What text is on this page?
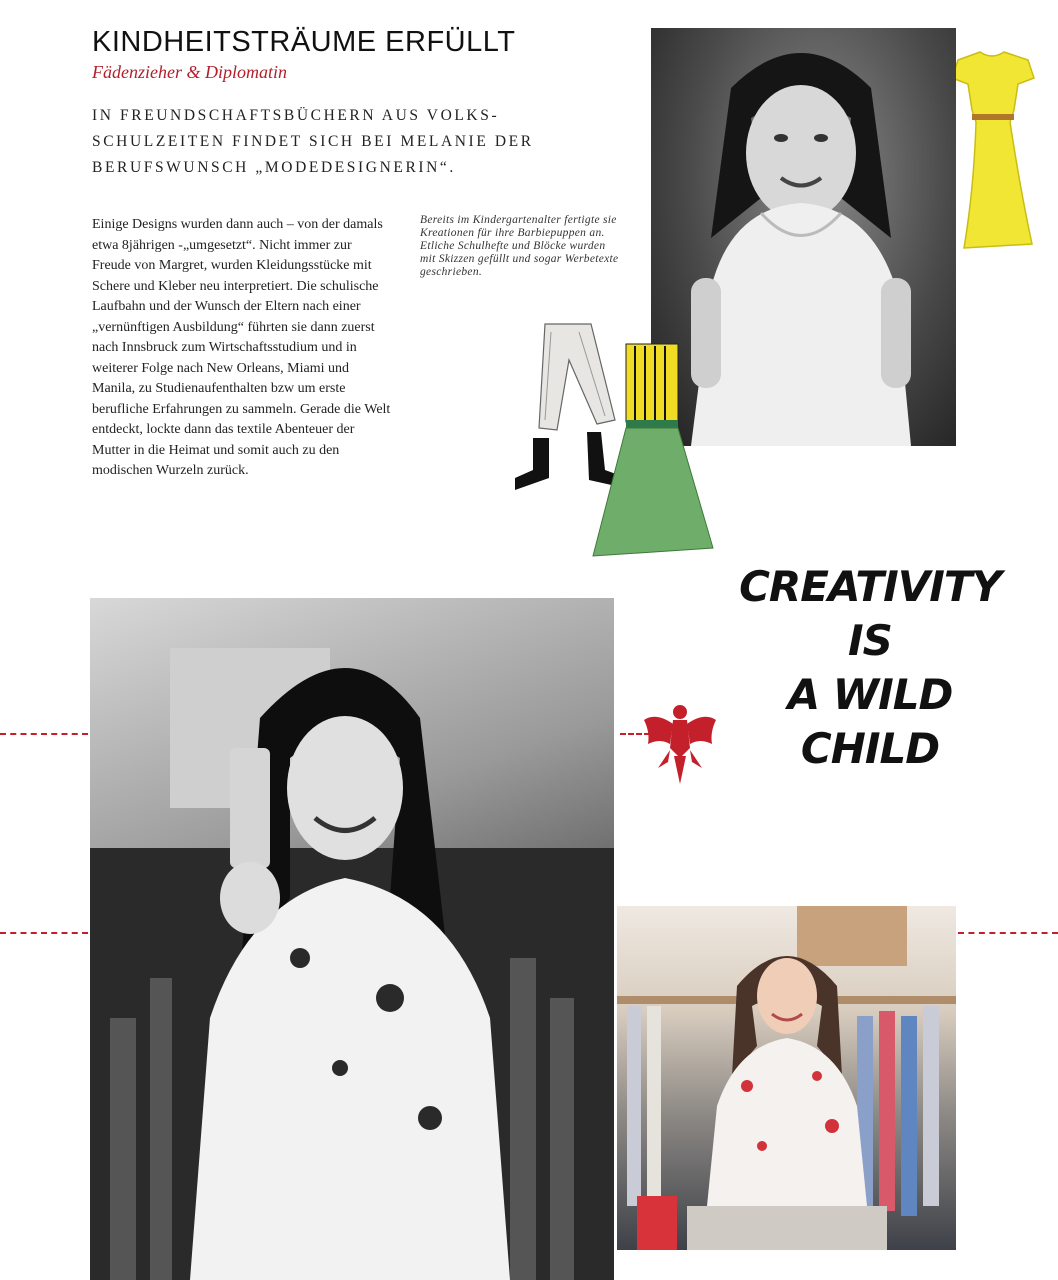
KINDHEITSTRÄUME ERFÜLLT
Fädenzieher & Diplomatin
IN FREUNDSCHAFTSBÜCHERN AUS VOLKS-SCHULZEITEN FINDET SICH BEI MELANIE DER BERUFSWUNSCH „MODEDESIGNERIN“.
Einige Designs wurden dann auch – von der damals etwa 8jährigen -„umgesetzt“. Nicht immer zur Freude von Margret, wurden Kleidungsstücke mit Schere und Kleber neu interpretiert. Die schulische Laufbahn und der Wunsch der Eltern nach einer „vernünftigen Ausbildung“ führten sie dann zuerst nach Innsbruck zum Wirtschaftsstudium und in weiterer Folge nach New Orleans, Miami und Manila, zu Studienaufenthalten bzw um erste berufliche Erfahrungen zu sammeln. Gerade die Welt entdeckt, lockte dann das textile Abenteuer der Mutter in die Heimat und somit auch zu den modischen Wurzeln zurück.
Bereits im Kindergartenalter fertigte sie Kreationen für ihre Barbiepuppen an. Etliche Schulhefte und Blöcke wurden mit Skizzen gefüllt und sogar Werbetexte geschrieben.
CREATIVITY
IS
A WILD
CHILD
